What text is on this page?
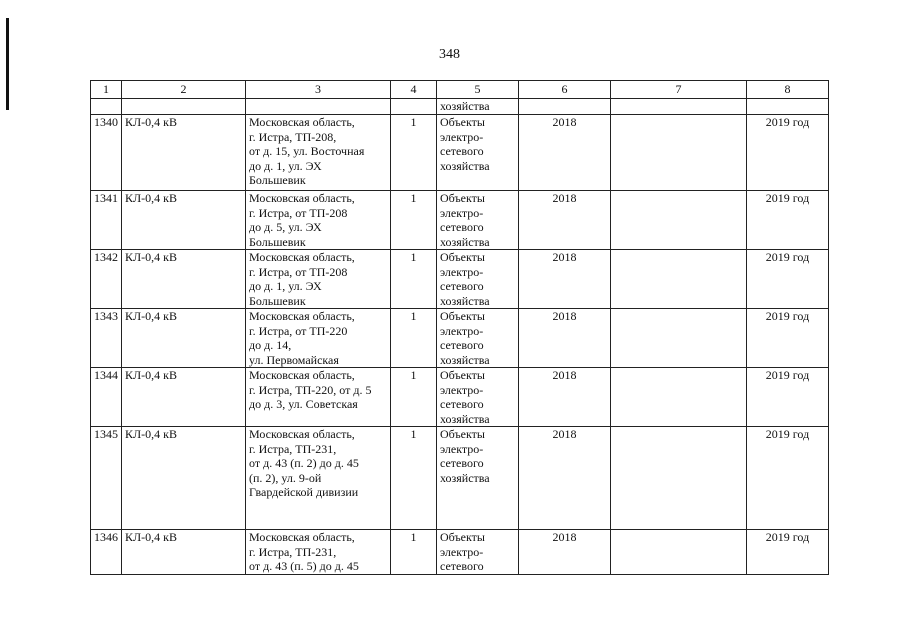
348
1	2	3	4	5	6	7	8
				хозяйства			
1340	КЛ-0,4 кВ	Московская область,
г. Истра, ТП-208,
от д. 15, ул. Восточная
до д. 1, ул. ЭХ
Большевик	1	Объекты
электро-
сетевого
хозяйства	2018		2019 год
1341	КЛ-0,4 кВ	Московская область,
г. Истра, от ТП-208
до д. 5, ул. ЭХ
Большевик	1	Объекты
электро-
сетевого
хозяйства	2018		2019 год
1342	КЛ-0,4 кВ	Московская область,
г. Истра, от ТП-208
до д. 1, ул. ЭХ
Большевик	1	Объекты
электро-
сетевого
хозяйства	2018		2019 год
1343	КЛ-0,4 кВ	Московская область,
г. Истра, от ТП-220
до д. 14,
ул. Первомайская	1	Объекты
электро-
сетевого
хозяйства	2018		2019 год
1344	КЛ-0,4 кВ	Московская область,
г. Истра, ТП-220, от д. 5
до д. 3, ул. Советская	1	Объекты
электро-
сетевого
хозяйства	2018		2019 год
1345	КЛ-0,4 кВ	Московская область,
г. Истра, ТП-231,
от д. 43 (п. 2) до д. 45
(п. 2), ул. 9-ой
Гвардейской дивизии	1	Объекты
электро-
сетевого
хозяйства	2018		2019 год
1346	КЛ-0,4 кВ	Московская область,
г. Истра, ТП-231,
от д. 43 (п. 5) до д. 45	1	Объекты
электро-
сетевого	2018		2019 год
